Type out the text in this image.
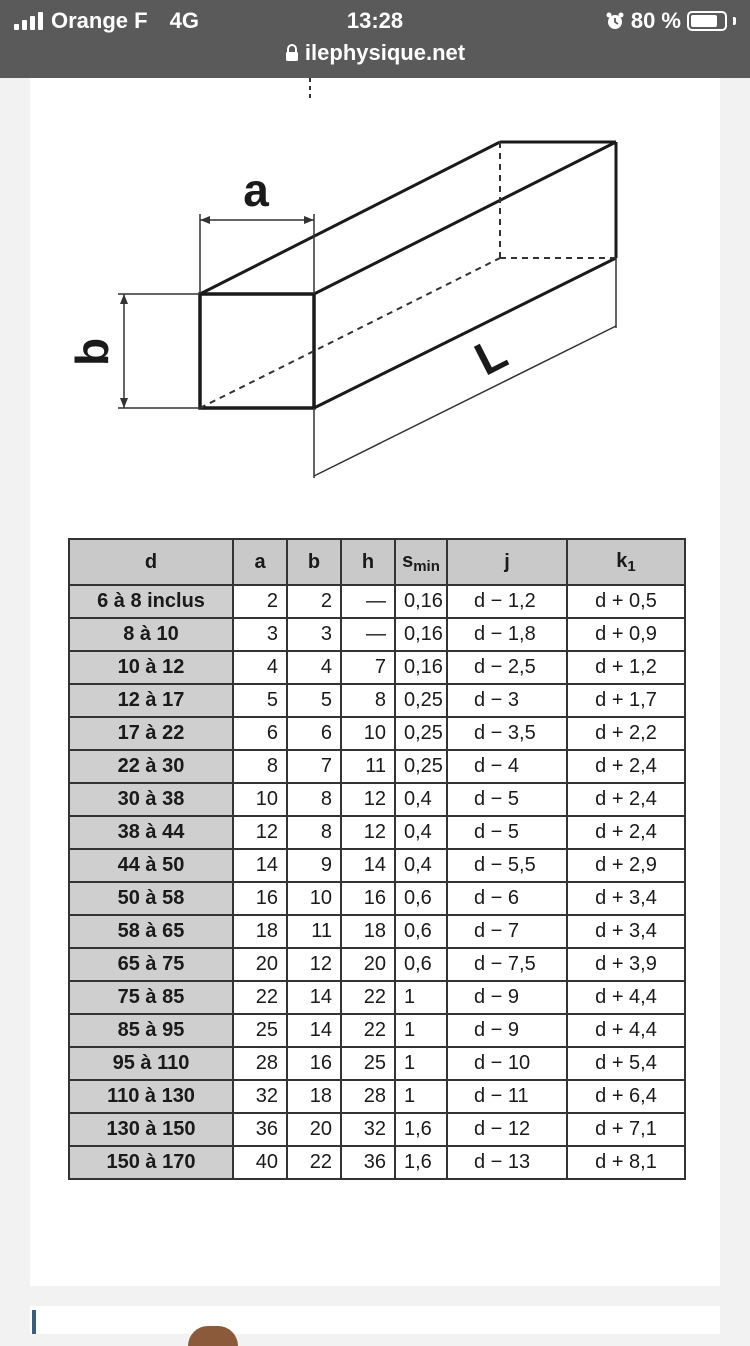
Orange F 4G	13:28	80 %
ilephysique.net
a
b	L
d	a	b	h	$s_{min}$	j	$k_1$
6 à 8 inclus	2	2	—	0,16	d − 1,2	d + 0,5
8 à 10	3	3	—	0,16	d − 1,8	d + 0,9
10 à 12	4	4	7	0,16	d − 2,5	d + 1,2
12 à 17	5	5	8	0,25	d − 3	d + 1,7
17 à 22	6	6	10	0,25	d − 3,5	d + 2,2
22 à 30	8	7	11	0,25	d − 4	d + 2,4
30 à 38	10	8	12	0,4	d − 5	d + 2,4
38 à 44	12	8	12	0,4	d − 5	d + 2,4
44 à 50	14	9	14	0,4	d − 5,5	d + 2,9
50 à 58	16	10	16	0,6	d − 6	d + 3,4
58 à 65	18	11	18	0,6	d − 7	d + 3,4
65 à 75	20	12	20	0,6	d − 7,5	d + 3,9
75 à 85	22	14	22	1	d − 9	d + 4,4
85 à 95	25	14	22	1	d − 9	d + 4,4
95 à 110	28	16	25	1	d − 10	d + 5,4
110 à 130	32	18	28	1	d − 11	d + 6,4
130 à 150	36	20	32	1,6	d − 12	d + 7,1
150 à 170	40	22	36	1,6	d − 13	d + 8,1
